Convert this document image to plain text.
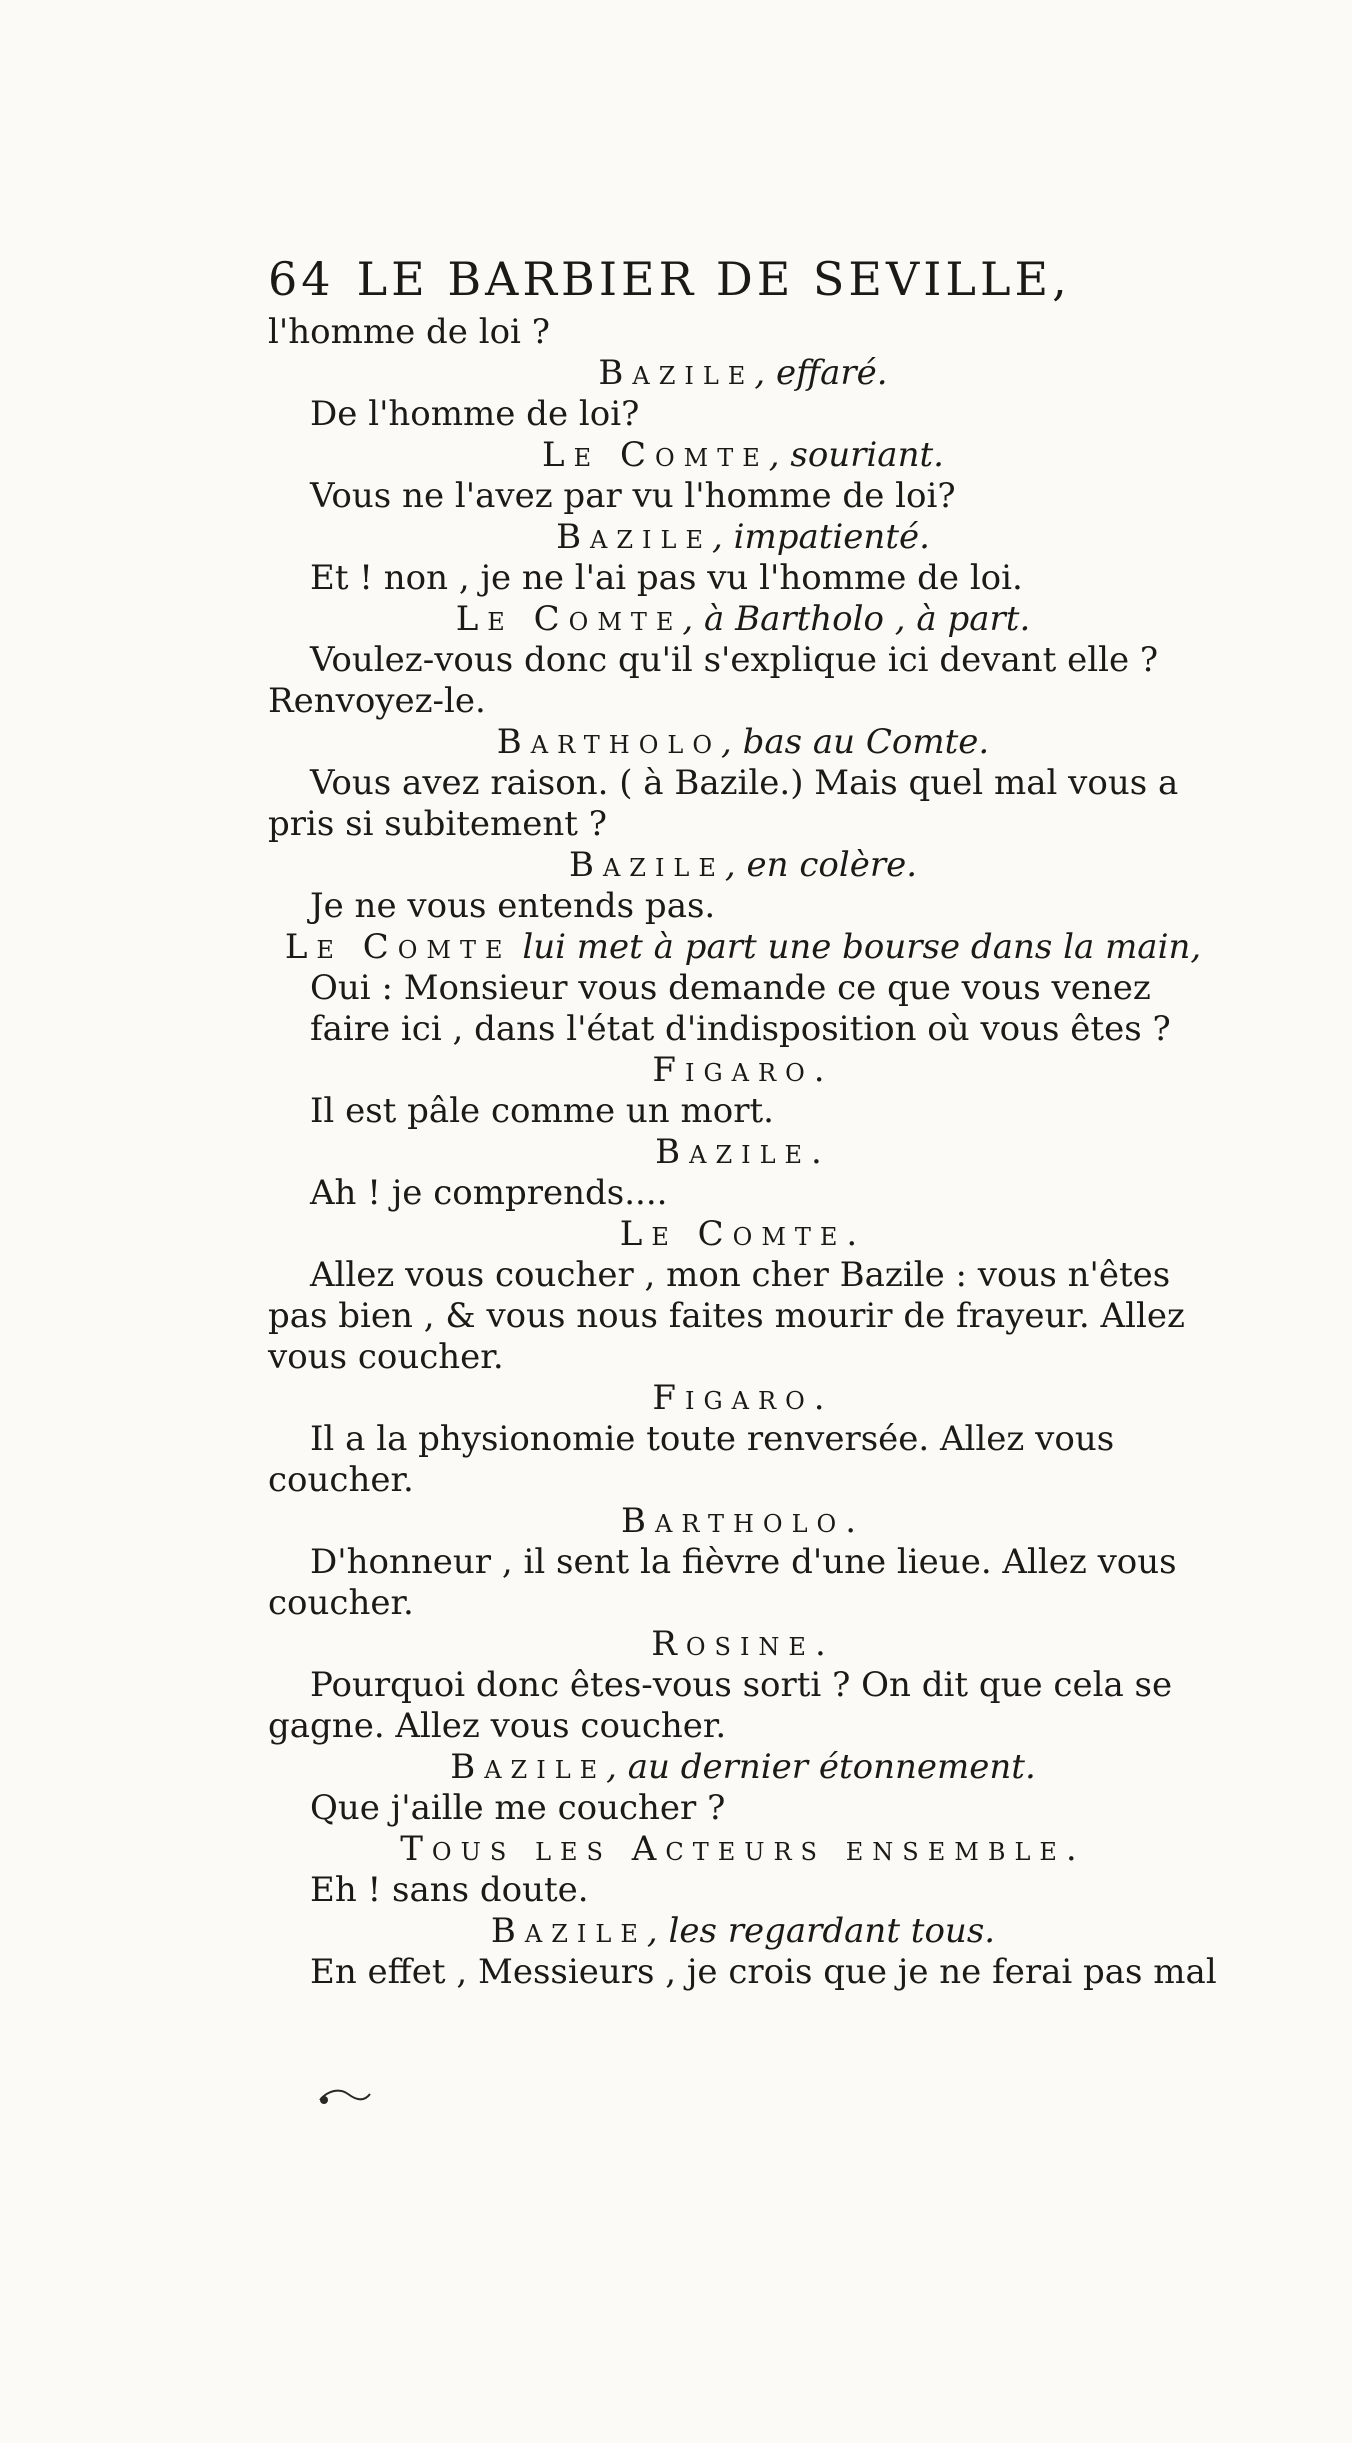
64 LE BARBIER DE SEVILLE,
l'homme de loi ?
Bazile, effaré.
De l'homme de loi?
Le Comte, souriant.
Vous ne l'avez par vu l'homme de loi?
Bazile, impatienté.
Et ! non , je ne l'ai pas vu l'homme de loi.
Le Comte, à Bartholo , à part.
Voulez-vous donc qu'il s'explique ici devant elle ?
Renvoyez-le.
Bartholo, bas au Comte.
Vous avez raison. ( à Bazile.) Mais quel mal vous a
pris si subitement ?
Bazile, en colère.
Je ne vous entends pas.
Le Comte lui met à part une bourse dans la main,
Oui : Monsieur vous demande ce que vous venez
faire ici , dans l'état d'indisposition où vous êtes ?
Figaro.
Il est pâle comme un mort.
Bazile.
Ah ! je comprends....
Le Comte.
Allez vous coucher , mon cher Bazile : vous n'êtes
pas bien , & vous nous faites mourir de frayeur. Allez
vous coucher.
Figaro.
Il a la physionomie toute renversée. Allez vous
coucher.
Bartholo.
D'honneur , il sent la fièvre d'une lieue. Allez vous
coucher.
Rosine.
Pourquoi donc êtes-vous sorti ? On dit que cela se
gagne. Allez vous coucher.
Bazile, au dernier étonnement.
Que j'aille me coucher ?
Tous les Acteurs ensemble.
Eh ! sans doute.
Bazile, les regardant tous.
En effet , Messieurs , je crois que je ne ferai pas mal
